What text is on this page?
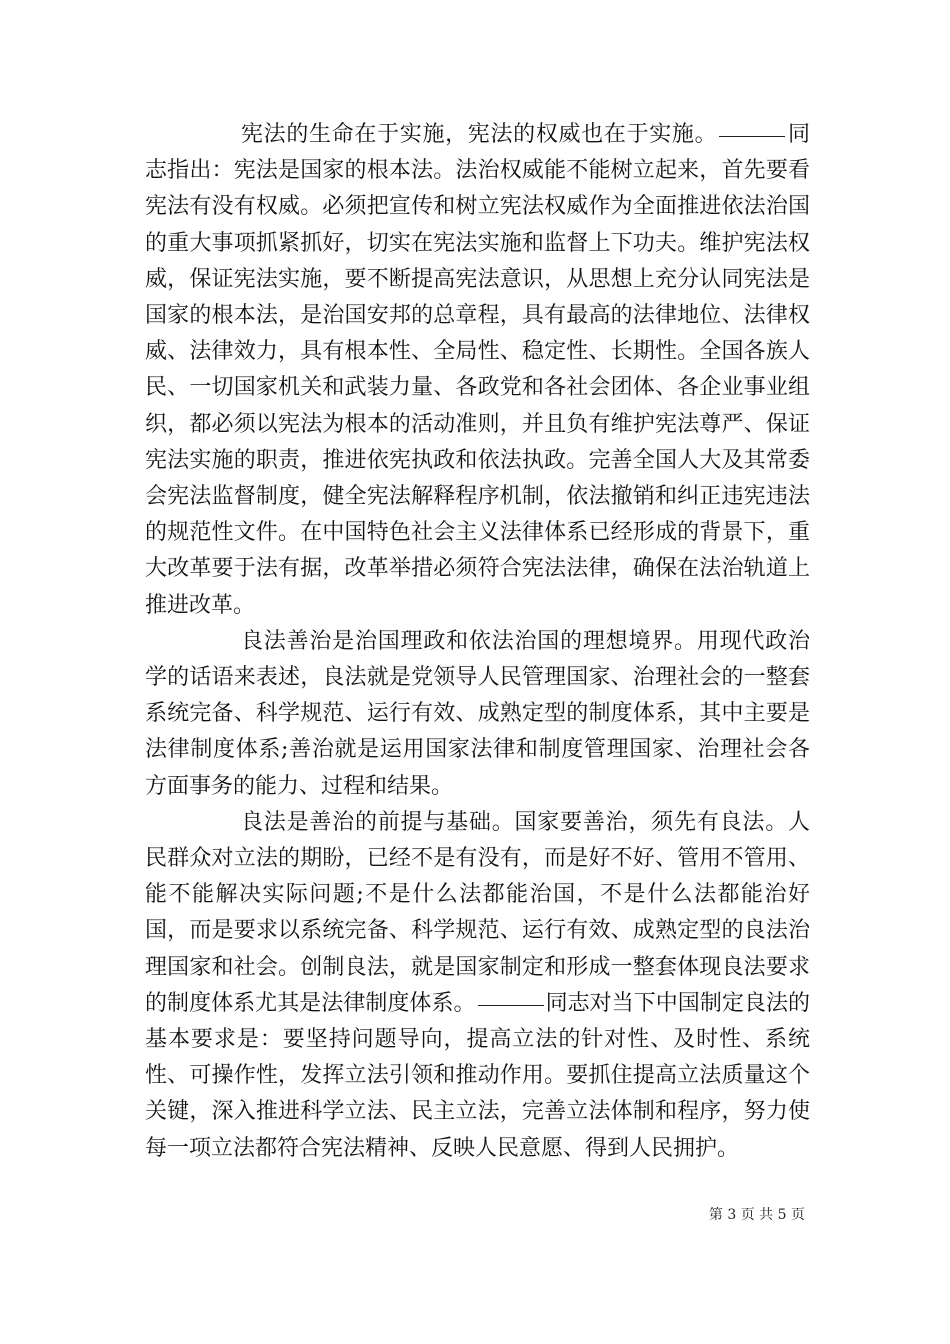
宪法的生命在于实施，宪法的权威也在于实施。	同志指出：宪法是国家的根本法。法治权威能不能树立起来，首先要看宪法有没有权威。必须把宣传和树立宪法权威作为全面推进依法治国的重大事项抓紧抓好，切实在宪法实施和监督上下功夫。维护宪法权威，保证宪法实施，要不断提高宪法意识，从思想上充分认同宪法是国家的根本法，是治国安邦的总章程，具有最高的法律地位、法律权威、法律效力，具有根本性、全局性、稳定性、长期性。全国各族人民、一切国家机关和武装力量、各政党和各社会团体、各企业事业组织，都必须以宪法为根本的活动准则，并且负有维护宪法尊严、保证宪法实施的职责，推进依宪执政和依法执政。完善全国人大及其常委会宪法监督制度，健全宪法解释程序机制，依法撤销和纠正违宪违法的规范性文件。在中国特色社会主义法律体系已经形成的背景下，重大改革要于法有据，改革举措必须符合宪法法律，确保在法治轨道上推进改革。

良法善治是治国理政和依法治国的理想境界。用现代政治学的话语来表述，良法就是党领导人民管理国家、治理社会的一整套系统完备、科学规范、运行有效、成熟定型的制度体系，其中主要是法律制度体系;善治就是运用国家法律和制度管理国家、治理社会各方面事务的能力、过程和结果。

良法是善治的前提与基础。国家要善治，须先有良法。人民群众对立法的期盼，已经不是有没有，而是好不好、管用不管用、能不能解决实际问题;不是什么法都能治国，不是什么法都能治好国，而是要求以系统完备、科学规范、运行有效、成熟定型的良法治理国家和社会。创制良法，就是国家制定和形成一整套体现良法要求的制度体系尤其是法律制度体系。	同志对当下中国制定良法的基本要求是：要坚持问题导向，提高立法的针对性、及时性、系统性、可操作性，发挥立法引领和推动作用。要抓住提高立法质量这个关键，深入推进科学立法、民主立法，完善立法体制和程序，努力使每一项立法都符合宪法精神、反映人民意愿、得到人民拥护。

第 3 页 共 5 页
